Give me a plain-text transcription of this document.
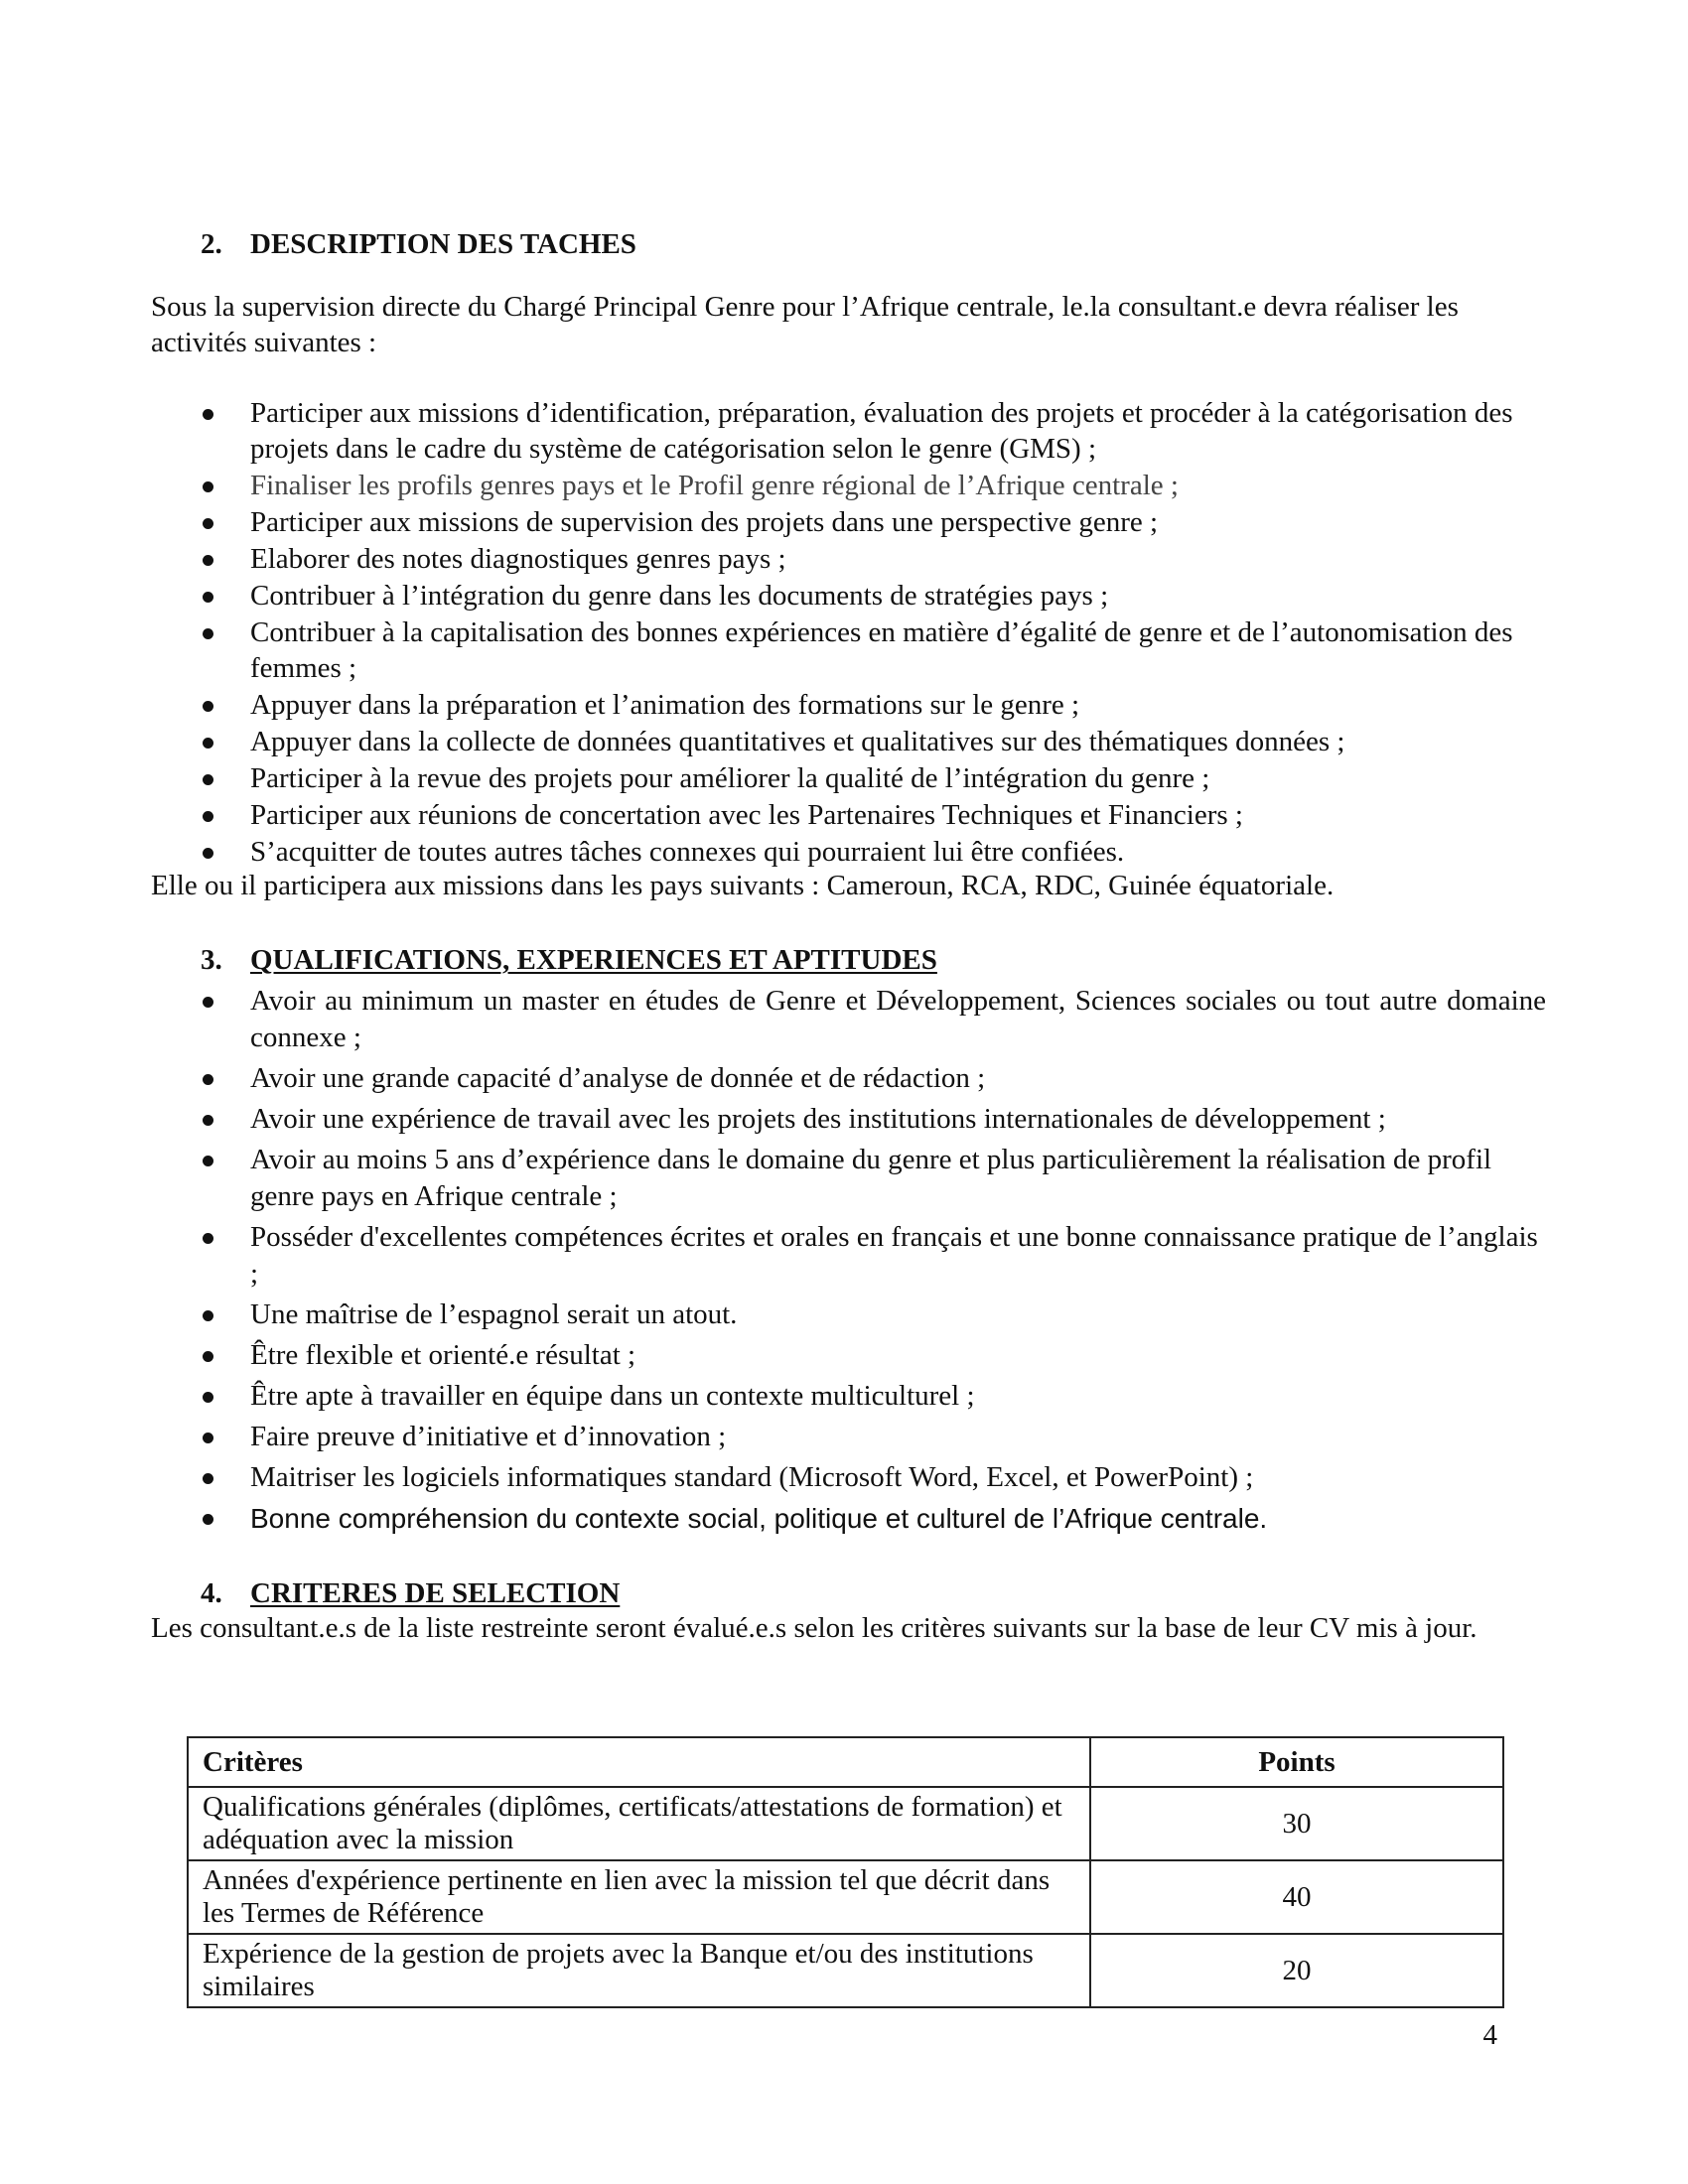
2. DESCRIPTION DES TACHES
Sous la supervision directe du Chargé Principal Genre pour l’Afrique centrale, le.la consultant.e devra réaliser les activités suivantes :
Participer aux missions d’identification, préparation, évaluation des projets et procéder à la catégorisation des projets dans le cadre du système de catégorisation selon le genre (GMS) ;
Finaliser les profils genres pays et le Profil genre régional de l’Afrique centrale ;
Participer aux missions de supervision des projets dans une perspective genre ;
Elaborer des notes diagnostiques genres pays ;
Contribuer à l’intégration du genre dans les documents de stratégies pays ;
Contribuer à la capitalisation des bonnes expériences en matière d’égalité de genre et de l’autonomisation des femmes ;
Appuyer dans la préparation et l’animation des formations sur le genre ;
Appuyer dans la collecte de données quantitatives et qualitatives sur des thématiques données ;
Participer à la revue des projets pour améliorer la qualité de l’intégration du genre ;
Participer aux réunions de concertation avec les Partenaires Techniques et Financiers ;
S’acquitter de toutes autres tâches connexes qui pourraient lui être confiées.
Elle ou il participera aux missions dans les pays suivants : Cameroun, RCA, RDC, Guinée équatoriale.
3. QUALIFICATIONS, EXPERIENCES ET APTITUDES
Avoir au minimum un master en études de Genre et Développement, Sciences sociales ou tout autre domaine connexe ;
Avoir une grande capacité d’analyse de donnée et de rédaction ;
Avoir une expérience de travail avec les projets des institutions internationales de développement ;
Avoir au moins 5 ans d’expérience dans le domaine du genre et plus particulièrement la réalisation de profil genre pays en Afrique centrale ;
Posséder d'excellentes compétences écrites et orales en français et une bonne connaissance pratique de l’anglais ;
Une maîtrise de l’espagnol serait un atout.
Être flexible et orienté.e résultat ;
Être apte à travailler en équipe dans un contexte multiculturel ;
Faire preuve d’initiative et d’innovation ;
Maitriser les logiciels informatiques standard (Microsoft Word, Excel, et PowerPoint) ;
Bonne compréhension du contexte social, politique et culturel de l’Afrique centrale.
4. CRITERES DE SELECTION
Les consultant.e.s de la liste restreinte seront évalué.e.s selon les critères suivants sur la base de leur CV mis à jour.
Critères	Points
Qualifications générales (diplômes, certificats/attestations de formation) et adéquation avec la mission	30
Années d'expérience pertinente en lien avec la mission tel que décrit dans les Termes de Référence	40
Expérience de la gestion de projets avec la Banque et/ou des institutions similaires	20
4
